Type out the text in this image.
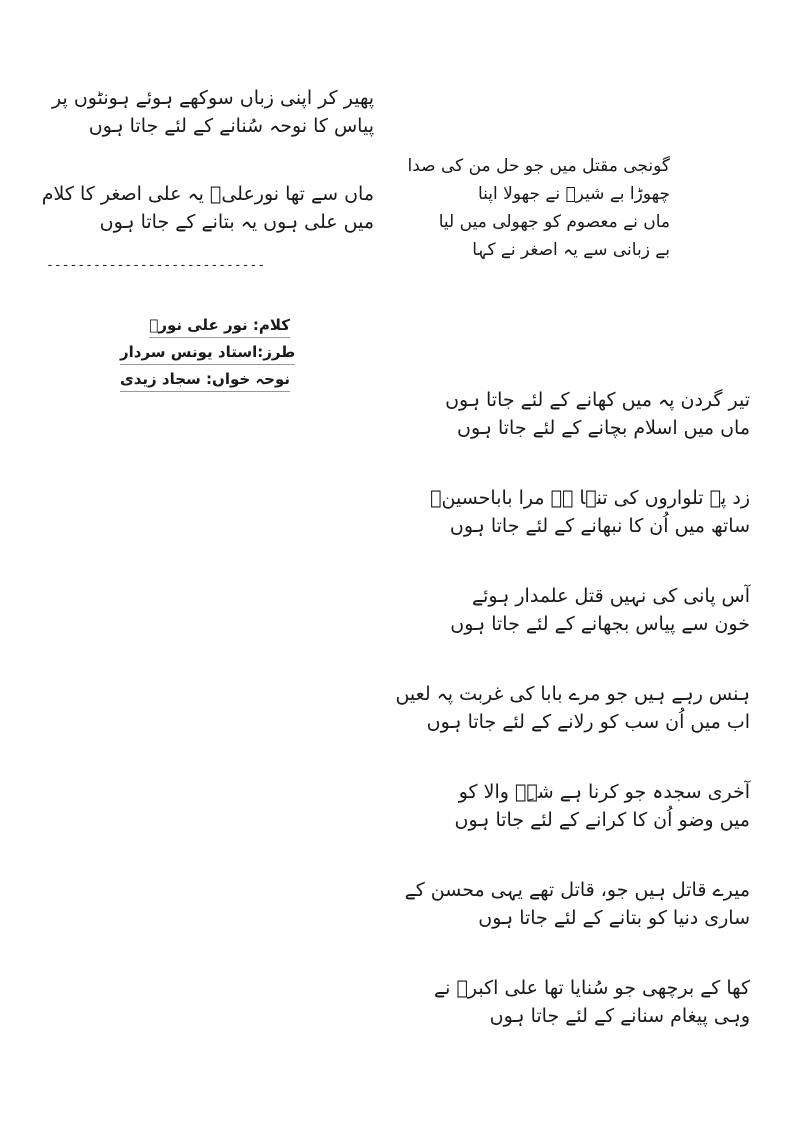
پھیر کر اپنی زباں سوکھے ہوئے ہونٹوں پر
پیاس کا نوحہ سُنانے کے لئے جاتا ہوں
ماں سے تھا نورعلیؔ یہ علی اصغر کا کلام
میں علی ہوں یہ بتانے کے جاتا ہوں
----------------------------
گونجی مقتل میں جو حل من کی صدا
چھوڑا بے شیرؑ نے جھولا اپنا
ماں نے معصوم کو جھولی میں لیا
بے زبانی سے یہ اصغر نے کہا
کلام: نور علی نورؔ
طرز:استاد یونس سردار
نوحہ خواں: سجاد زیدی
تیر گردن پہ میں کھانے کے لئے جاتا ہوں
ماں میں اسلام بچانے کے لئے جاتا ہوں
زد پہ تلواروں کی تنہا ہے مرا باباحسینؑ
ساتھ میں اُن کا نبھانے کے لئے جاتا ہوں
آس پانی کی نہیں قتل علمدار ہوئے
خون سے پیاس بجھانے کے لئے جاتا ہوں
ہنس رہے ہیں جو مرے بابا کی غربت پہ لعیں
اب میں اُن سب کو رلانے کے لئے جاتا ہوں
آخری سجدہ جو کرنا ہے شہِؑ والا کو
میں وضو اُن کا کرانے کے لئے جاتا ہوں
میرے قاتل ہیں جو، قاتل تھے یہی محسن کے
ساری دنیا کو بتانے کے لئے جاتا ہوں
کھا کے برچھی جو سُنایا تھا علی اکبرؑ نے
وہی پیغام سنانے کے لئے جاتا ہوں
